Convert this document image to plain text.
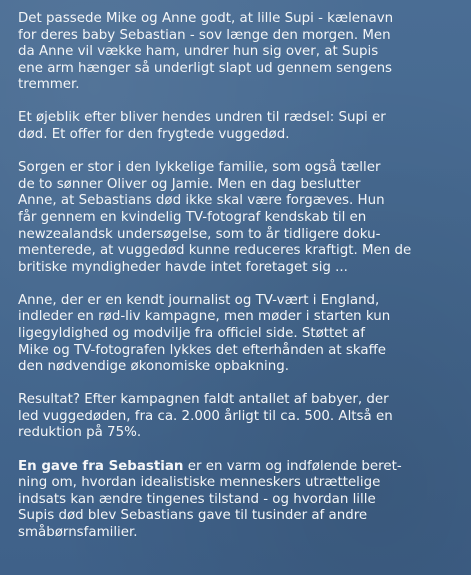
Det passede Mike og Anne godt, at lille Supi - kælenavn
for deres baby Sebastian - sov længe den morgen. Men
da Anne vil vække ham, undrer hun sig over, at Supis
ene arm hænger så underligt slapt ud gennem sengens
tremmer.

Et øjeblik efter bliver hendes undren til rædsel: Supi er
død. Et offer for den frygtede vuggedød.

Sorgen er stor i den lykkelige familie, som også tæller
de to sønner Oliver og Jamie. Men en dag beslutter
Anne, at Sebastians død ikke skal være forgæves. Hun
får gennem en kvindelig TV-fotograf kendskab til en
newzealandsk undersøgelse, som to år tidligere doku-
menterede, at vuggedød kunne reduceres kraftigt. Men de
britiske myndigheder havde intet foretaget sig ...

Anne, der er en kendt journalist og TV-vært i England,
indleder en rød-liv kampagne, men møder i starten kun
ligegyldighed og modvilje fra officiel side. Støttet af
Mike og TV-fotografen lykkes det efterhånden at skaffe
den nødvendige økonomiske opbakning.

Resultat? Efter kampagnen faldt antallet af babyer, der
led vuggedøden, fra ca. 2.000 årligt til ca. 500. Altså en
reduktion på 75%.

En gave fra Sebastian er en varm og indfølende beret-
ning om, hvordan idealistiske menneskers utrættelige
indsats kan ændre tingenes tilstand - og hvordan lille
Supis død blev Sebastians gave til tusinder af andre
småbørnsfamilier.
